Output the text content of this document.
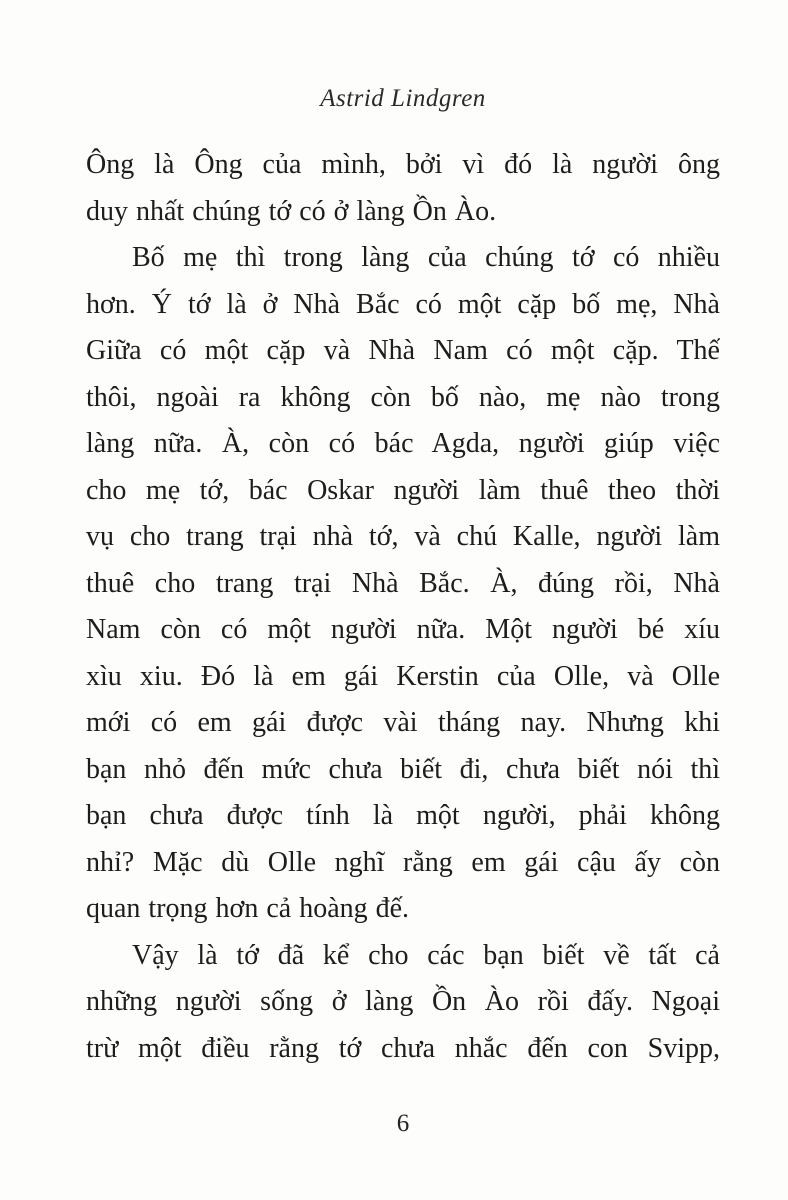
Astrid Lindgren
Ông là Ông của mình, bởi vì đó là người ông
duy nhất chúng tớ có ở làng Ồn Ào.
Bố mẹ thì trong làng của chúng tớ có nhiều
hơn. Ý tớ là ở Nhà Bắc có một cặp bố mẹ, Nhà
Giữa có một cặp và Nhà Nam có một cặp. Thế
thôi, ngoài ra không còn bố nào, mẹ nào trong
làng nữa. À, còn có bác Agda, người giúp việc
cho mẹ tớ, bác Oskar người làm thuê theo thời
vụ cho trang trại nhà tớ, và chú Kalle, người làm
thuê cho trang trại Nhà Bắc. À, đúng rồi, Nhà
Nam còn có một người nữa. Một người bé xíu
xìu xiu. Đó là em gái Kerstin của Olle, và Olle
mới có em gái được vài tháng nay. Nhưng khi
bạn nhỏ đến mức chưa biết đi, chưa biết nói thì
bạn chưa được tính là một người, phải không
nhỉ? Mặc dù Olle nghĩ rằng em gái cậu ấy còn
quan trọng hơn cả hoàng đế.
Vậy là tớ đã kể cho các bạn biết về tất cả
những người sống ở làng Ồn Ào rồi đấy. Ngoại
trừ một điều rằng tớ chưa nhắc đến con Svipp,
6
